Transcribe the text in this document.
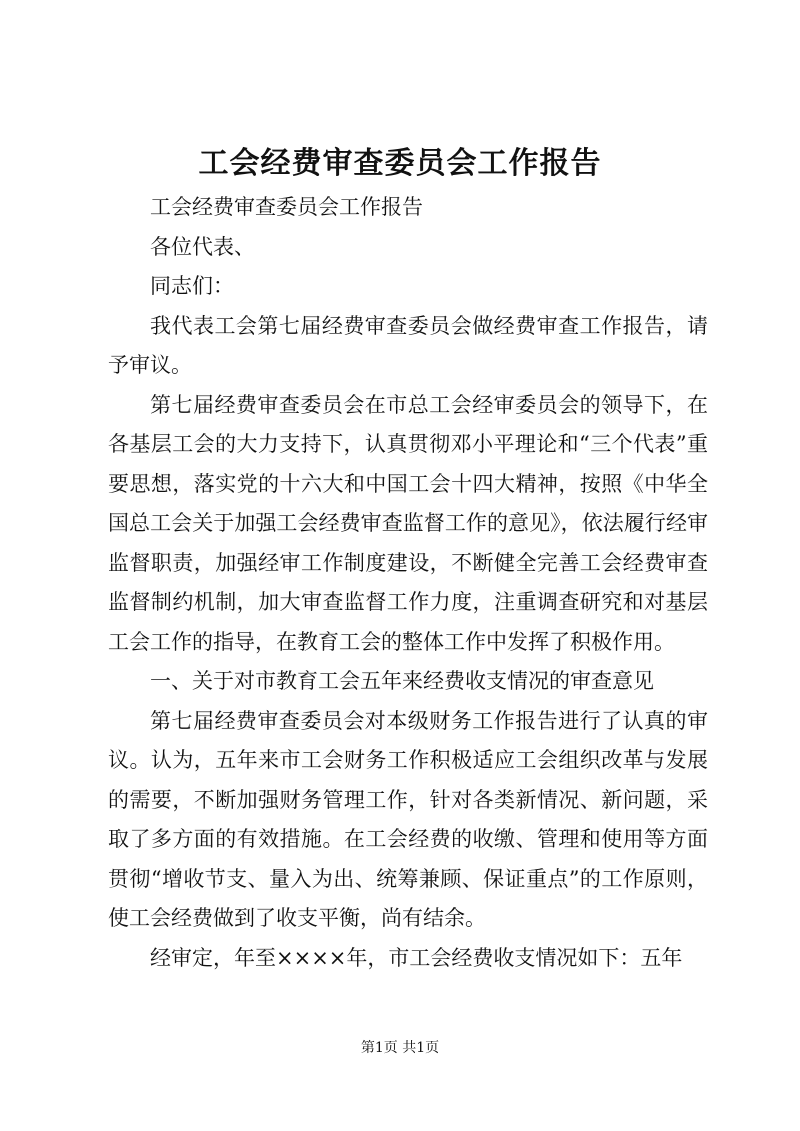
工会经费审查委员会工作报告

工会经费审查委员会工作报告

各位代表、

同志们：

我代表工会第七届经费审查委员会做经费审查工作报告，请予审议。

第七届经费审查委员会在市总工会经审委员会的领导下，在各基层工会的大力支持下，认真贯彻邓小平理论和“三个代表”重要思想，落实党的十六大和中国工会十四大精神，按照《中华全国总工会关于加强工会经费审查监督工作的意见》，依法履行经审监督职责，加强经审工作制度建设，不断健全完善工会经费审查监督制约机制，加大审查监督工作力度，注重调查研究和对基层工会工作的指导，在教育工会的整体工作中发挥了积极作用。

一、关于对市教育工会五年来经费收支情况的审查意见

第七届经费审查委员会对本级财务工作报告进行了认真的审议。认为，五年来市工会财务工作积极适应工会组织改革与发展的需要，不断加强财务管理工作，针对各类新情况、新问题，采取了多方面的有效措施。在工会经费的收缴、管理和使用等方面贯彻“增收节支、量入为出、统筹兼顾、保证重点”的工作原则，使工会经费做到了收支平衡，尚有结余。

经审定，年至××××年，市工会经费收支情况如下：五年

第1页 共1页
